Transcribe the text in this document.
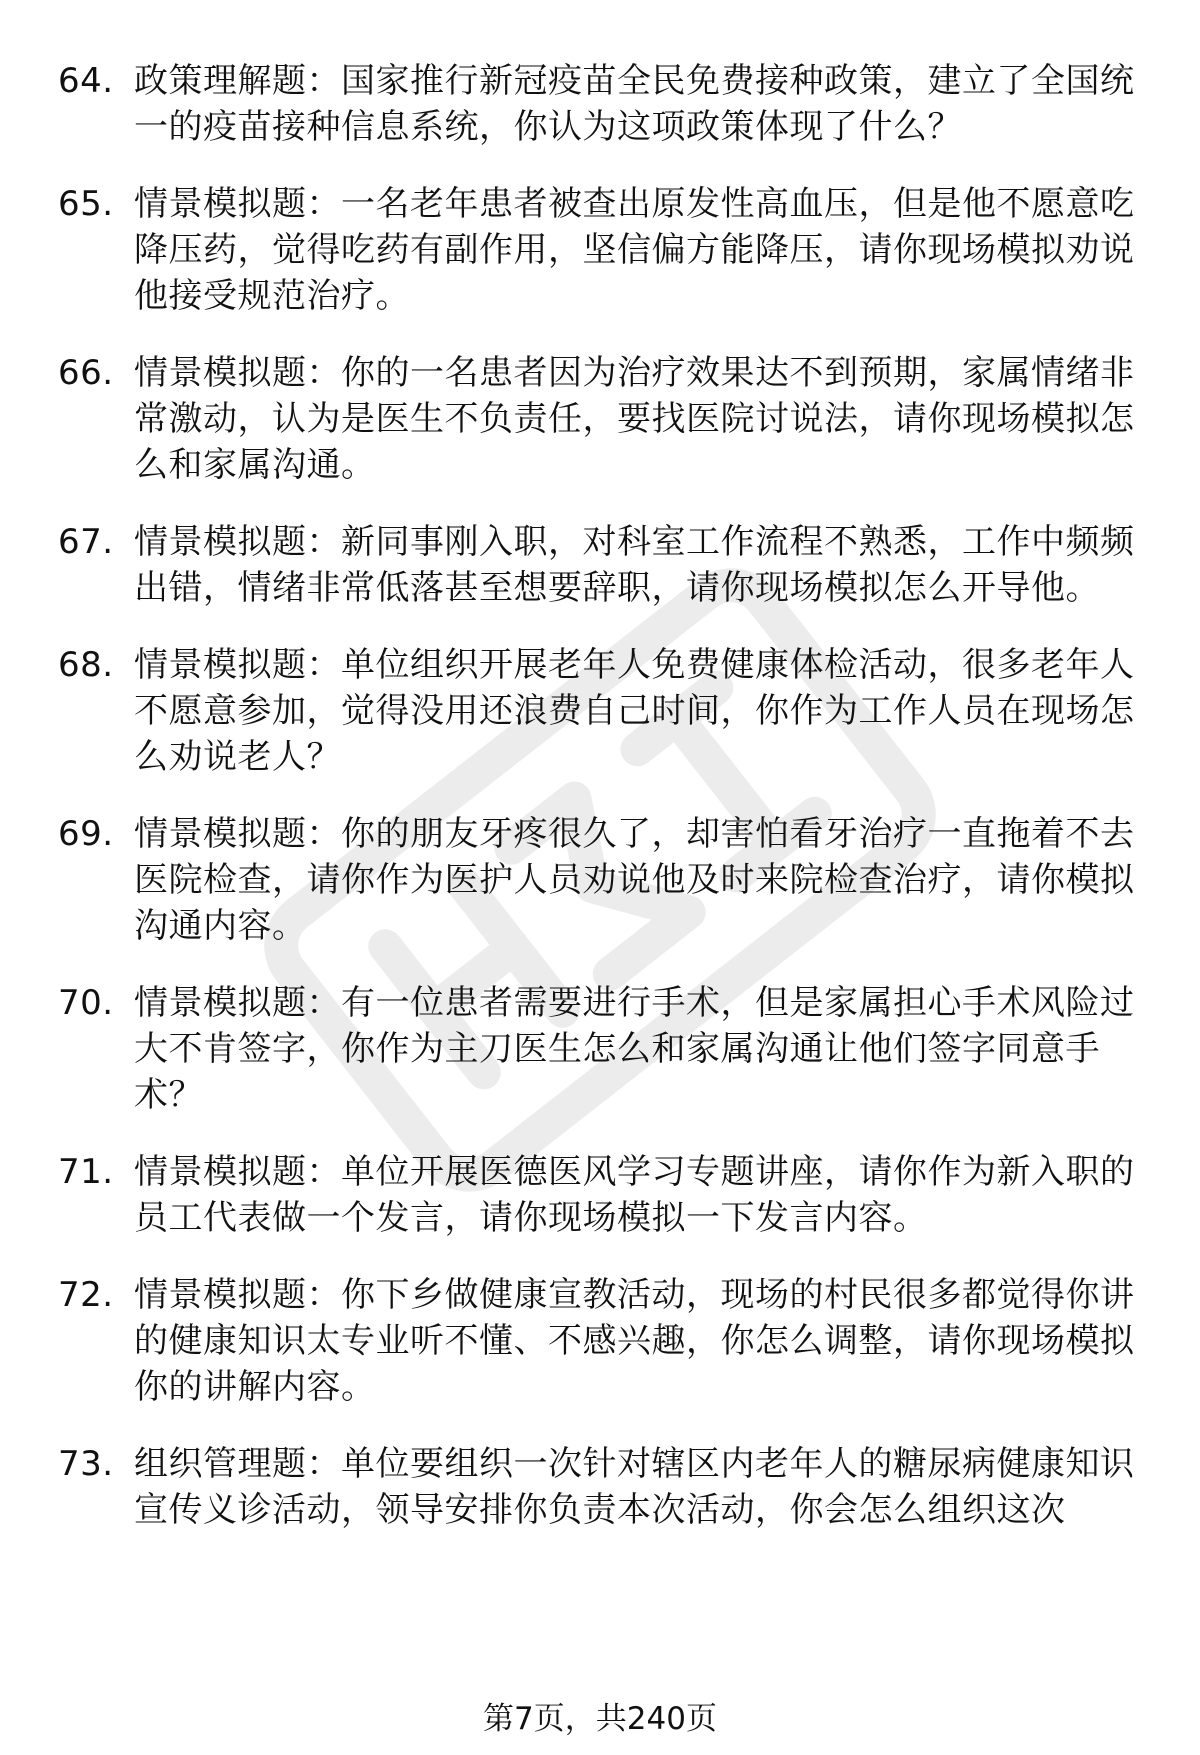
64. 政策理解题：国家推行新冠疫苗全民免费接种政策，建立了全国统一的疫苗接种信息系统，你认为这项政策体现了什么？
65. 情景模拟题：一名老年患者被查出原发性高血压，但是他不愿意吃降压药，觉得吃药有副作用，坚信偏方能降压，请你现场模拟劝说他接受规范治疗。
66. 情景模拟题：你的一名患者因为治疗效果达不到预期，家属情绪非常激动，认为是医生不负责任，要找医院讨说法，请你现场模拟怎么和家属沟通。
67. 情景模拟题：新同事刚入职，对科室工作流程不熟悉，工作中频频出错，情绪非常低落甚至想要辞职，请你现场模拟怎么开导他。
68. 情景模拟题：单位组织开展老年人免费健康体检活动，很多老年人不愿意参加，觉得没用还浪费自己时间，你作为工作人员在现场怎么劝说老人？
69. 情景模拟题：你的朋友牙疼很久了，却害怕看牙治疗一直拖着不去医院检查，请你作为医护人员劝说他及时来院检查治疗，请你模拟沟通内容。
70. 情景模拟题：有一位患者需要进行手术，但是家属担心手术风险过大不肯签字，你作为主刀医生怎么和家属沟通让他们签字同意手术？
71. 情景模拟题：单位开展医德医风学习专题讲座，请你作为新入职的员工代表做一个发言，请你现场模拟一下发言内容。
72. 情景模拟题：你下乡做健康宣教活动，现场的村民很多都觉得你讲的健康知识太专业听不懂、不感兴趣，你怎么调整，请你现场模拟你的讲解内容。
73. 组织管理题：单位要组织一次针对辖区内老年人的糖尿病健康知识宣传义诊活动，领导安排你负责本次活动，你会怎么组织这次
第7页，共240页
